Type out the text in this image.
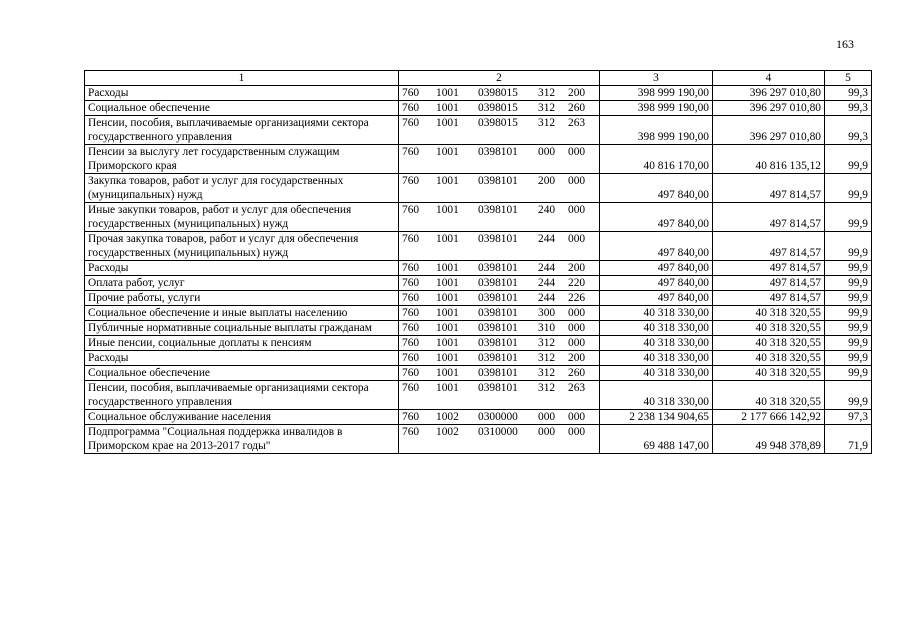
163
1	2	3	4	5
Расходы	760 1001 0398015 312 200	398 999 190,00	396 297 010,80	99,3
Социальное обеспечение	760 1001 0398015 312 260	398 999 190,00	396 297 010,80	99,3
Пенсии, пособия, выплачиваемые организациями сектора государственного управления	760 1001 0398015 312 263	398 999 190,00	396 297 010,80	99,3
Пенсии за выслугу лет государственным служащим Приморского края	760 1001 0398101 000 000	40 816 170,00	40 816 135,12	99,9
Закупка товаров, работ и услуг для государственных (муниципальных) нужд	760 1001 0398101 200 000	497 840,00	497 814,57	99,9
Иные закупки товаров, работ и услуг для обеспечения государственных (муниципальных) нужд	760 1001 0398101 240 000	497 840,00	497 814,57	99,9
Прочая закупка товаров, работ и услуг для обеспечения государственных (муниципальных) нужд	760 1001 0398101 244 000	497 840,00	497 814,57	99,9
Расходы	760 1001 0398101 244 200	497 840,00	497 814,57	99,9
Оплата работ, услуг	760 1001 0398101 244 220	497 840,00	497 814,57	99,9
Прочие работы, услуги	760 1001 0398101 244 226	497 840,00	497 814,57	99,9
Социальное обеспечение и иные выплаты населению	760 1001 0398101 300 000	40 318 330,00	40 318 320,55	99,9
Публичные нормативные социальные выплаты гражданам	760 1001 0398101 310 000	40 318 330,00	40 318 320,55	99,9
Иные пенсии, социальные доплаты к пенсиям	760 1001 0398101 312 000	40 318 330,00	40 318 320,55	99,9
Расходы	760 1001 0398101 312 200	40 318 330,00	40 318 320,55	99,9
Социальное обеспечение	760 1001 0398101 312 260	40 318 330,00	40 318 320,55	99,9
Пенсии, пособия, выплачиваемые организациями сектора государственного управления	760 1001 0398101 312 263	40 318 330,00	40 318 320,55	99,9
Социальное обслуживание населения	760 1002 0300000 000 000	2 238 134 904,65	2 177 666 142,92	97,3
Подпрограмма "Социальная поддержка инвалидов в Приморском крае на 2013-2017 годы"	760 1002 0310000 000 000	69 488 147,00	49 948 378,89	71,9
